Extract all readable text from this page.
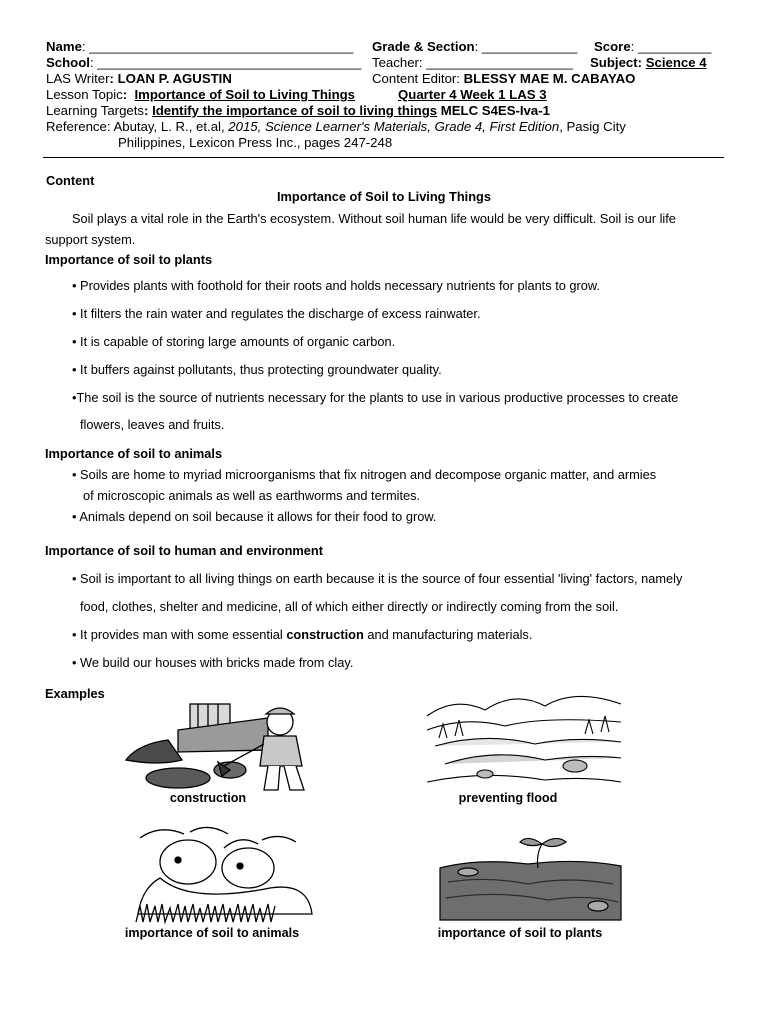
Name: ____________________________________ Grade & Section: _____________ Score: __________
School: ____________________________________ Teacher: ____________________ Subject: Science 4
LAS Writer: LOAN P. AGUSTIN	Content Editor: BLESSY MAE M. CABAYAO
Lesson Topic: Importance of Soil to Living Things	Quarter 4 Week 1 LAS 3
Learning Targets: Identify the importance of soil to living things MELC S4ES-Iva-1
Reference: Abutay, L. R., et.al, 2015, Science Learner's Materials, Grade 4, First Edition, Pasig City
Philippines, Lexicon Press Inc., pages 247-248
Content
Importance of Soil to Living Things
Soil plays a vital role in the Earth's ecosystem. Without soil human life would be very difficult. Soil is our life
support system.
Importance of soil to plants
• Provides plants with foothold for their roots and holds necessary nutrients for plants to grow.
• It filters the rain water and regulates the discharge of excess rainwater.
• It is capable of storing large amounts of organic carbon.
• It buffers against pollutants, thus protecting groundwater quality.
•The soil is the source of nutrients necessary for the plants to use in various productive processes to create
flowers, leaves and fruits.
Importance of soil to animals
• Soils are home to myriad microorganisms that fix nitrogen and decompose organic matter, and armies
of microscopic animals as well as earthworms and termites.
• Animals depend on soil because it allows for their food to grow.
Importance of soil to human and environment
• Soil is important to all living things on earth because it is the source of four essential 'living' factors, namely
food, clothes, shelter and medicine, all of which either directly or indirectly coming from the soil.
• It provides man with some essential construction and manufacturing materials.
• We build our houses with bricks made from clay.
Examples
construction	preventing flood
importance of soil to animals	importance of soil to plants
